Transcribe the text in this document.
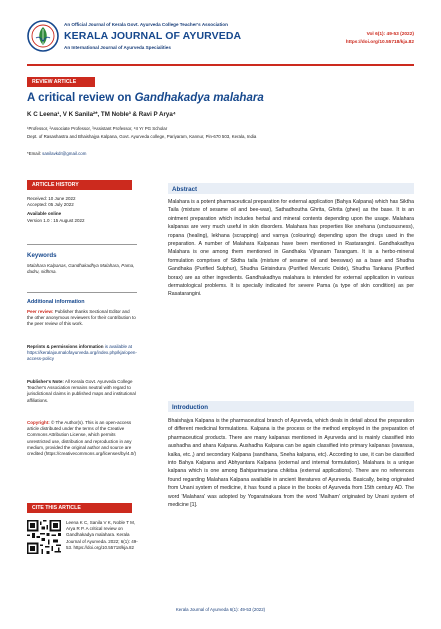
An Official Journal of Kerala Govt. Ayurveda College Teacher's Association
KERALA JOURNAL OF AYURVEDA
An International Journal of Ayurveda Specialities
Vol 6(1): 49-53 (2022)
https://doi.org/10.55718/kja.82
REVIEW ARTICLE
A critical review on Gandhakadya malahara
K C Leena¹, V K Sanila²*, TM Noble³ & Ravi P Arya⁴
¹Professor, ²Associate Professor, ³Assistant Professor, ⁴II Yr PG Scholar
Dept. of Rasashastra and Bhaishajya Kalpana, Govt. Ayurveda college, Pariyaram, Kannur, Pin-670 503, Kerala, India
*Email: sanilavkdr@gmail.com
ARTICLE HISTORY
Received: 10 June 2022
Accepted: 05 July 2022
Available online
Version 1.0 : 15 August 2022
Keywords
Malahara Kalpanas, Gandhakadhya Malahara, Pama, dadru, sidhma.
Additional information
Peer review: Publisher thanks Sectional Editor and the other anonymous reviewers for their contribution to the peer review of this work.
Reprints & permissions information is available at https://keralajournalofayurveda.org/index.php/kja/open-access-policy
Publisher's Note: All Kerala Govt. Ayurveda College Teacher's Association remains neutral with regard to jurisdictional claims in published maps and institutional affiliations.
Copyright: © The Author(s). This is an open-access article distributed under the terms of the Creative Commons Attribution License, which permits unrestricted use, distribution and reproduction in any medium, provided the original author and source are credited (https://creativecommons.org/licenses/by/4.0/)
CITE THIS ARTICLE
Leena K C, Sanila V K, Noble T M, Arya R P. A critical review on Gandhakadya malahara. Kerala Journal of Ayurveda. 2022; 6(1): 49-53. https://doi.org/10.55718/kja.82
Abstract
Malahara is a potent pharmaceutical preparation for external application (Bahya Kalpana) which has Siktha Taila (mixture of sesame oil and bee-wax), Sathadhoutha Ghrita, Ghrita (ghee) as the base. It is an ointment preparation which includes herbal and mineral contents depending upon the usage. Malahara kalpanas are very much useful in skin disorders. Malahara has properties like snehana (unctuousness), ropana (healing), lekhana (scrapping) and varnya (colouring) depending upon the drugs used in the preparation. A number of Malahara Kalpanas have been mentioned in Rastarangini. Gandhakadhya Malahara is one among them mentioned in Gandhaka Vijnanam Tarangam. It is a herbo-mineral formulation comprises of Siktha taila (mixture of sesame oil and beeswax) as a base and Shudha Gandhaka (Purified Sulphur), Shudha Girisindura (Purified Mercuric Oxide), Shudha Tankana (Purified borax) are as other ingredients. Gandhakadhya malahara is intended for external application in various dermatological problems. It is specially indicated for severe Pama (a type of skin condition) as per Rasatarangini.
Introduction
Bhaishajya Kalpana is the pharmaceutical branch of Ayurveda, which deals in detail about the preparation of different medicinal formulations. Kalpana is the process or the method employed in the preparation of pharmaceutical products. There are many kalpanas mentioned in Ayurveda and is mainly classified into aushadha and ahara Kalpana. Aushadha Kalpana can be again classified into primary kalpanas (swarasa, kalka, etc.,) and secondary Kalpana (sandhana, Sneha kalpana, etc). According to use, it can be classified into Bahya Kalpana and Abhyantara Kalpana (external and internal formulation). Malahara is a unique kalpana which is one among Bahiparimarjana chikitsa (external applications). There are no references found regarding Malahara Kalpana available in ancient literatures of Ayurveda. Basically, being originated from Unani system of medicine, it has found a place in the books of Ayurveda from 15th century AD. The word 'Malahara' was adopted by Yogaratnakara from the word 'Malham' originated by Unani system of medicine [1].
Kerala Journal of Ayurveda 6(1): 49-53 (2022)
